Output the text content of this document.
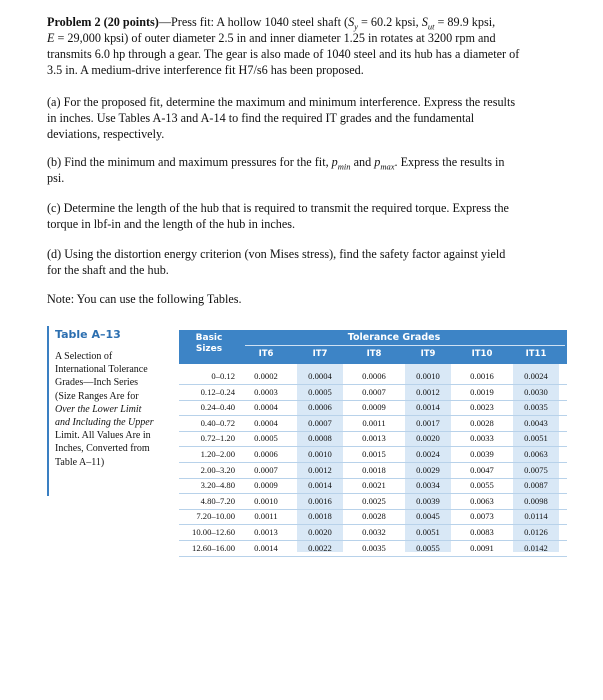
Problem 2 (20 points)—Press fit: A hollow 1040 steel shaft ($S_y = 60.2$ kpsi, $S_{ut} = 89.9$ kpsi,
E = 29,000 kpsi) of outer diameter 2.5 in and inner diameter 1.25 in rotates at 3200 rpm and
transmits 6.0 hp through a gear. The gear is also made of 1040 steel and its hub has a diameter of
3.5 in. A medium-drive interference fit H7/s6 has been proposed.
(a) For the proposed fit, determine the maximum and minimum interference. Express the results
in inches. Use Tables A-13 and A-14 to find the required IT grades and the fundamental
deviations, respectively.
(b) Find the minimum and maximum pressures for the fit, $p_{min}$ and $p_{max}$. Express the results in
psi.
(c) Determine the length of the hub that is required to transmit the required torque. Express the
torque in lbf-in and the length of the hub in inches.
(d) Using the distortion energy criterion (von Mises stress), find the safety factor against yield
for the shaft and the hub.
Note: You can use the following Tables.
Table A–13
A Selection of
International Tolerance
Grades—Inch Series
(Size Ranges Are for
Over the Lower Limit
and Including the Upper
Limit. All Values Are in
Inches, Converted from
Table A–11)
Basic
Sizes
Tolerance Grades
IT6	IT7	IT8	IT9	IT10	IT11
0–0.12	0.0002	0.0004	0.0006	0.0010	0.0016	0.0024
0.12–0.24	0.0003	0.0005	0.0007	0.0012	0.0019	0.0030
0.24–0.40	0.0004	0.0006	0.0009	0.0014	0.0023	0.0035
0.40–0.72	0.0004	0.0007	0.0011	0.0017	0.0028	0.0043
0.72–1.20	0.0005	0.0008	0.0013	0.0020	0.0033	0.0051
1.20–2.00	0.0006	0.0010	0.0015	0.0024	0.0039	0.0063
2.00–3.20	0.0007	0.0012	0.0018	0.0029	0.0047	0.0075
3.20–4.80	0.0009	0.0014	0.0021	0.0034	0.0055	0.0087
4.80–7.20	0.0010	0.0016	0.0025	0.0039	0.0063	0.0098
7.20–10.00	0.0011	0.0018	0.0028	0.0045	0.0073	0.0114
10.00–12.60	0.0013	0.0020	0.0032	0.0051	0.0083	0.0126
12.60–16.00	0.0014	0.0022	0.0035	0.0055	0.0091	0.0142
